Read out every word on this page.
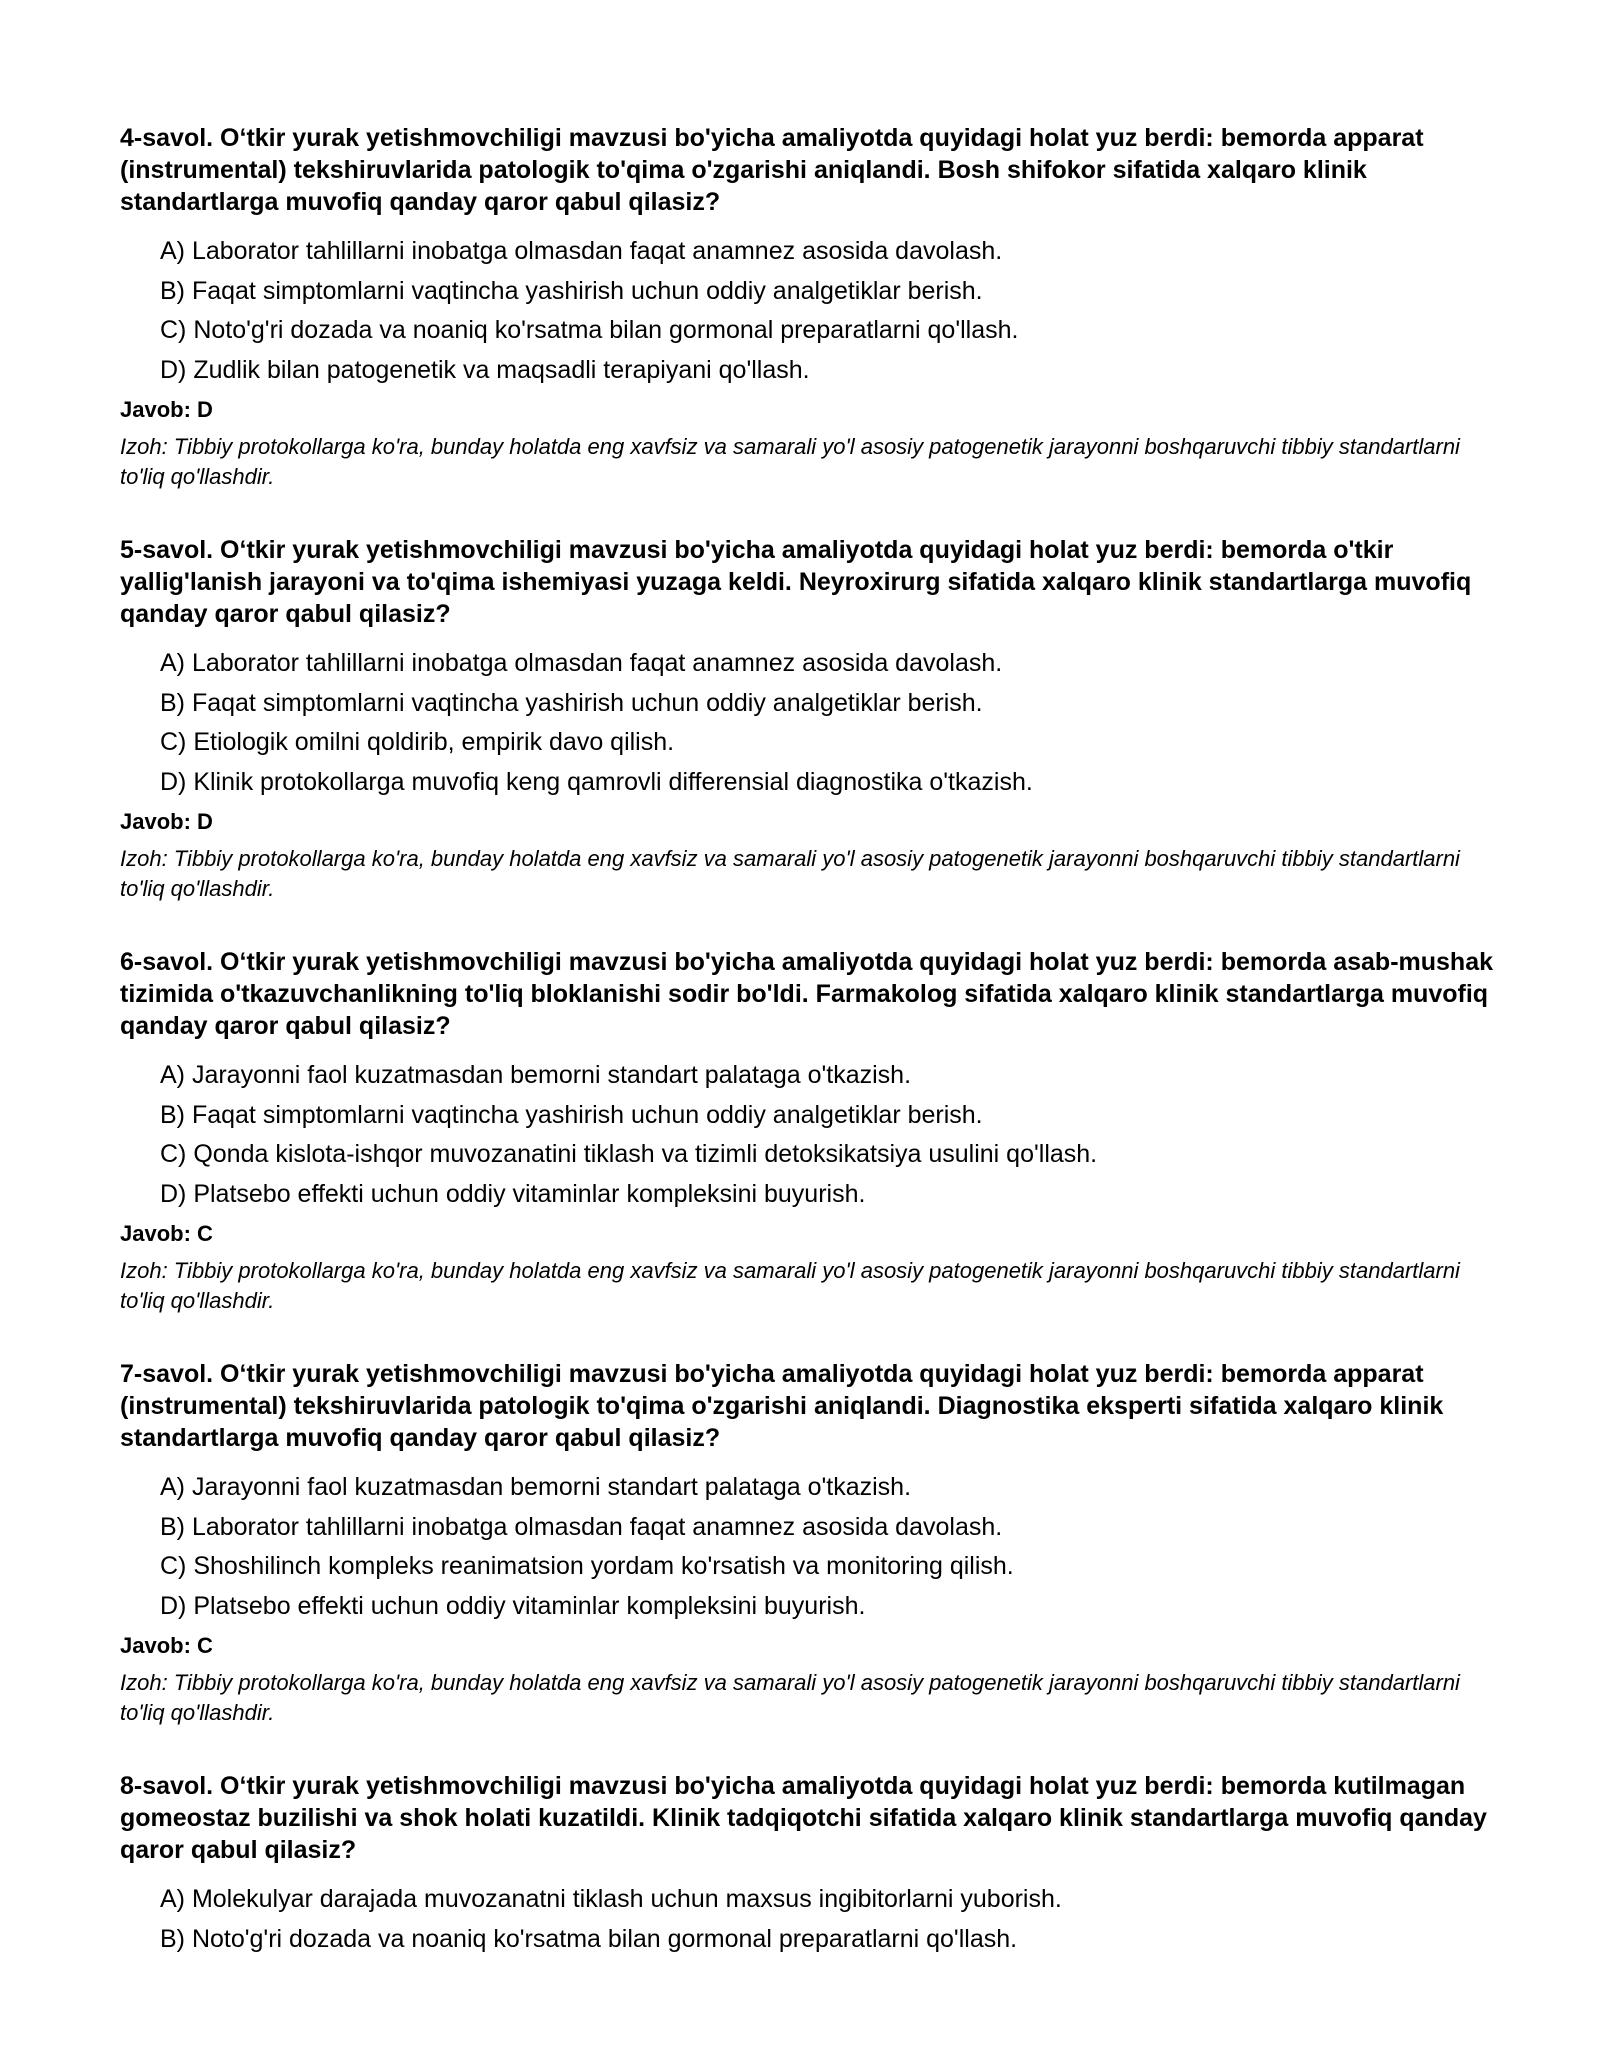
4-savol. O‘tkir yurak yetishmovchiligi mavzusi bo'yicha amaliyotda quyidagi holat yuz berdi: bemorda apparat (instrumental) tekshiruvlarida patologik to'qima o'zgarishi aniqlandi. Bosh shifokor sifatida xalqaro klinik standartlarga muvofiq qanday qaror qabul qilasiz?

A) Laborator tahlillarni inobatga olmasdan faqat anamnez asosida davolash.
B) Faqat simptomlarni vaqtincha yashirish uchun oddiy analgetiklar berish.
C) Noto'g'ri dozada va noaniq ko'rsatma bilan gormonal preparatlarni qo'llash.
D) Zudlik bilan patogenetik va maqsadli terapiyani qo'llash.

Javob: D

Izoh: Tibbiy protokollarga ko'ra, bunday holatda eng xavfsiz va samarali yo'l asosiy patogenetik jarayonni boshqaruvchi tibbiy standartlarni to'liq qo'llashdir.

5-savol. O‘tkir yurak yetishmovchiligi mavzusi bo'yicha amaliyotda quyidagi holat yuz berdi: bemorda o'tkir yallig'lanish jarayoni va to'qima ishemiyasi yuzaga keldi. Neyroxirurg sifatida xalqaro klinik standartlarga muvofiq qanday qaror qabul qilasiz?

A) Laborator tahlillarni inobatga olmasdan faqat anamnez asosida davolash.
B) Faqat simptomlarni vaqtincha yashirish uchun oddiy analgetiklar berish.
C) Etiologik omilni qoldirib, empirik davo qilish.
D) Klinik protokollarga muvofiq keng qamrovli differensial diagnostika o'tkazish.

Javob: D

Izoh: Tibbiy protokollarga ko'ra, bunday holatda eng xavfsiz va samarali yo'l asosiy patogenetik jarayonni boshqaruvchi tibbiy standartlarni to'liq qo'llashdir.

6-savol. O‘tkir yurak yetishmovchiligi mavzusi bo'yicha amaliyotda quyidagi holat yuz berdi: bemorda asab-mushak tizimida o'tkazuvchanlikning to'liq bloklanishi sodir bo'ldi. Farmakolog sifatida xalqaro klinik standartlarga muvofiq qanday qaror qabul qilasiz?

A) Jarayonni faol kuzatmasdan bemorni standart palataga o'tkazish.
B) Faqat simptomlarni vaqtincha yashirish uchun oddiy analgetiklar berish.
C) Qonda kislota-ishqor muvozanatini tiklash va tizimli detoksikatsiya usulini qo'llash.
D) Platsebo effekti uchun oddiy vitaminlar kompleksini buyurish.

Javob: C

Izoh: Tibbiy protokollarga ko'ra, bunday holatda eng xavfsiz va samarali yo'l asosiy patogenetik jarayonni boshqaruvchi tibbiy standartlarni to'liq qo'llashdir.

7-savol. O‘tkir yurak yetishmovchiligi mavzusi bo'yicha amaliyotda quyidagi holat yuz berdi: bemorda apparat (instrumental) tekshiruvlarida patologik to'qima o'zgarishi aniqlandi. Diagnostika eksperti sifatida xalqaro klinik standartlarga muvofiq qanday qaror qabul qilasiz?

A) Jarayonni faol kuzatmasdan bemorni standart palataga o'tkazish.
B) Laborator tahlillarni inobatga olmasdan faqat anamnez asosida davolash.
C) Shoshilinch kompleks reanimatsion yordam ko'rsatish va monitoring qilish.
D) Platsebo effekti uchun oddiy vitaminlar kompleksini buyurish.

Javob: C

Izoh: Tibbiy protokollarga ko'ra, bunday holatda eng xavfsiz va samarali yo'l asosiy patogenetik jarayonni boshqaruvchi tibbiy standartlarni to'liq qo'llashdir.

8-savol. O‘tkir yurak yetishmovchiligi mavzusi bo'yicha amaliyotda quyidagi holat yuz berdi: bemorda kutilmagan gomeostaz buzilishi va shok holati kuzatildi. Klinik tadqiqotchi sifatida xalqaro klinik standartlarga muvofiq qanday qaror qabul qilasiz?

A) Molekulyar darajada muvozanatni tiklash uchun maxsus ingibitorlarni yuborish.
B) Noto'g'ri dozada va noaniq ko'rsatma bilan gormonal preparatlarni qo'llash.
